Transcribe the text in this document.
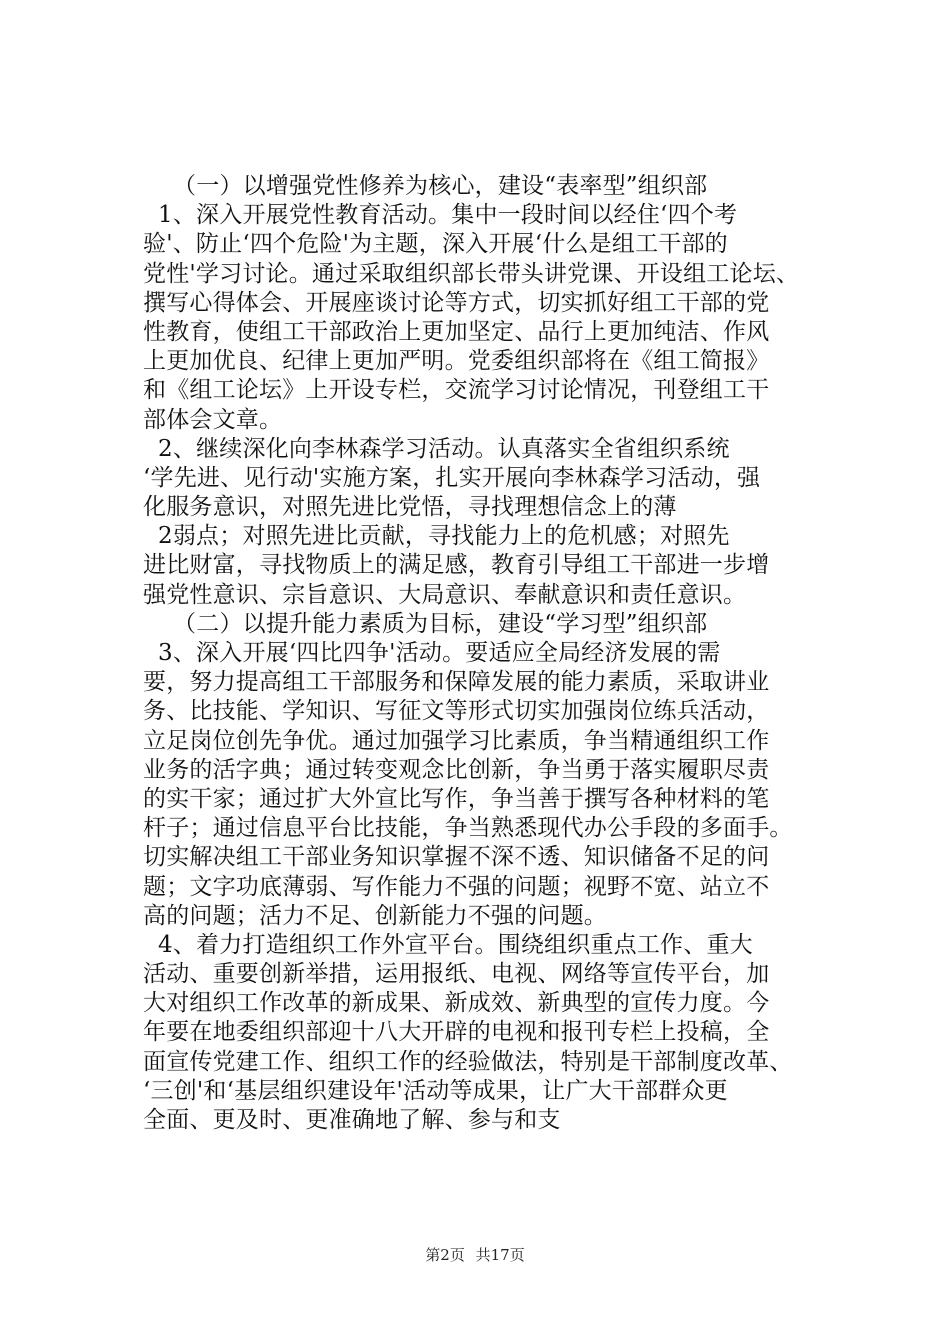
（一）以增强党性修养为核心，建设“表率型”组织部
1、深入开展党性教育活动。集中一段时间以经住‘四个考
验'、防止‘四个危险'为主题，深入开展‘什么是组工干部的
党性'学习讨论。通过采取组织部长带头讲党课、开设组工论坛、
撰写心得体会、开展座谈讨论等方式，切实抓好组工干部的党
性教育，使组工干部政治上更加坚定、品行上更加纯洁、作风
上更加优良、纪律上更加严明。党委组织部将在《组工简报》
和《组工论坛》上开设专栏，交流学习讨论情况，刊登组工干
部体会文章。
2、继续深化向李林森学习活动。认真落实全省组织系统
‘学先进、见行动'实施方案，扎实开展向李林森学习活动，强
化服务意识，对照先进比党悟，寻找理想信念上的薄
2弱点；对照先进比贡献，寻找能力上的危机感；对照先
进比财富，寻找物质上的满足感，教育引导组工干部进一步增
强党性意识、宗旨意识、大局意识、奉献意识和责任意识。
（二）以提升能力素质为目标，建设“学习型”组织部
3、深入开展‘四比四争'活动。要适应全局经济发展的需
要，努力提高组工干部服务和保障发展的能力素质，采取讲业
务、比技能、学知识、写征文等形式切实加强岗位练兵活动，
立足岗位创先争优。通过加强学习比素质，争当精通组织工作
业务的活字典；通过转变观念比创新，争当勇于落实履职尽责
的实干家；通过扩大外宣比写作，争当善于撰写各种材料的笔
杆子；通过信息平台比技能，争当熟悉现代办公手段的多面手。
切实解决组工干部业务知识掌握不深不透、知识储备不足的问
题；文字功底薄弱、写作能力不强的问题；视野不宽、站立不
高的问题；活力不足、创新能力不强的问题。
4、着力打造组织工作外宣平台。围绕组织重点工作、重大
活动、重要创新举措，运用报纸、电视、网络等宣传平台，加
大对组织工作改革的新成果、新成效、新典型的宣传力度。今
年要在地委组织部迎十八大开辟的电视和报刊专栏上投稿，全
面宣传党建工作、组织工作的经验做法，特别是干部制度改革、
‘三创'和‘基层组织建设年'活动等成果，让广大干部群众更
全面、更及时、更准确地了解、参与和支
第2页 共17页
